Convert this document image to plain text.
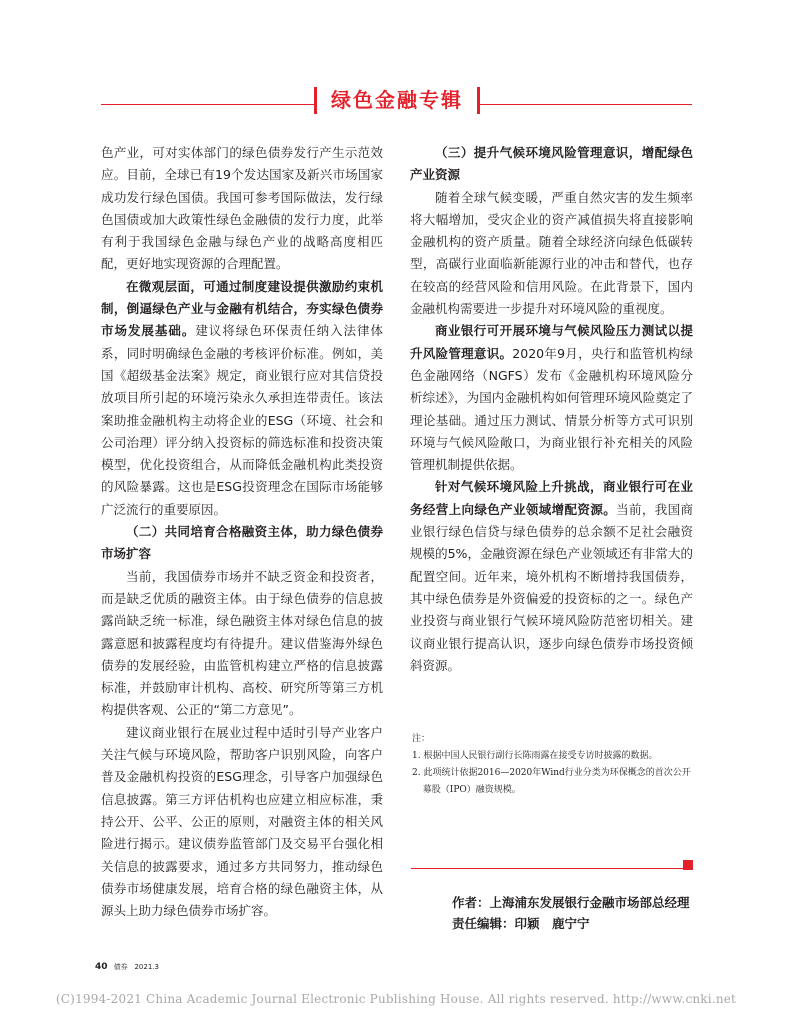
绿色金融专辑

色产业，可对实体部门的绿色债券发行产生示范效应。目前，全球已有19个发达国家及新兴市场国家成功发行绿色国债。我国可参考国际做法，发行绿色国债或加大政策性绿色金融债的发行力度，此举有利于我国绿色金融与绿色产业的战略高度相匹配，更好地实现资源的合理配置。

在微观层面，可通过制度建设提供激励约束机制，倒逼绿色产业与金融有机结合，夯实绿色债券市场发展基础。建议将绿色环保责任纳入法律体系，同时明确绿色金融的考核评价标准。例如，美国《超级基金法案》规定，商业银行应对其信贷投放项目所引起的环境污染永久承担连带责任。该法案助推金融机构主动将企业的ESG（环境、社会和公司治理）评分纳入投资标的筛选标准和投资决策模型，优化投资组合，从而降低金融机构此类投资的风险暴露。这也是ESG投资理念在国际市场能够广泛流行的重要原因。

（二）共同培育合格融资主体，助力绿色债券市场扩容

当前，我国债券市场并不缺乏资金和投资者，而是缺乏优质的融资主体。由于绿色债券的信息披露尚缺乏统一标准，绿色融资主体对绿色信息的披露意愿和披露程度均有待提升。建议借鉴海外绿色债券的发展经验，由监管机构建立严格的信息披露标准，并鼓励审计机构、高校、研究所等第三方机构提供客观、公正的“第二方意见”。

建议商业银行在展业过程中适时引导产业客户关注气候与环境风险，帮助客户识别风险，向客户普及金融机构投资的ESG理念，引导客户加强绿色信息披露。第三方评估机构也应建立相应标准，秉持公开、公平、公正的原则，对融资主体的相关风险进行揭示。建议债券监管部门及交易平台强化相关信息的披露要求，通过多方共同努力，推动绿色债券市场健康发展，培育合格的绿色融资主体，从源头上助力绿色债券市场扩容。

（三）提升气候环境风险管理意识，增配绿色产业资源

随着全球气候变暖，严重自然灾害的发生频率将大幅增加，受灾企业的资产减值损失将直接影响金融机构的资产质量。随着全球经济向绿色低碳转型，高碳行业面临新能源行业的冲击和替代，也存在较高的经营风险和信用风险。在此背景下，国内金融机构需要进一步提升对环境风险的重视度。

商业银行可开展环境与气候风险压力测试以提升风险管理意识。2020年9月，央行和监管机构绿色金融网络（NGFS）发布《金融机构环境风险分析综述》，为国内金融机构如何管理环境风险奠定了理论基础。通过压力测试、情景分析等方式可识别环境与气候风险敞口，为商业银行补充相关的风险管理机制提供依据。

针对气候环境风险上升挑战，商业银行可在业务经营上向绿色产业领域增配资源。当前，我国商业银行绿色信贷与绿色债券的总余额不足社会融资规模的5%，金融资源在绿色产业领域还有非常大的配置空间。近年来，境外机构不断增持我国债券，其中绿色债券是外资偏爱的投资标的之一。绿色产业投资与商业银行气候环境风险防范密切相关。建议商业银行提高认识，逐步向绿色债券市场投资倾斜资源。

注：
1. 根据中国人民银行副行长陈雨露在接受专访时披露的数据。
2. 此项统计依据2016—2020年Wind行业分类为环保概念的首次公开募股（IPO）融资规模。
作者：上海浦东发展银行金融市场部总经理
责任编辑：印颖　鹿宁宁
40 债券 2021.3
(C)1994-2021 China Academic Journal Electronic Publishing House. All rights reserved. http://www.cnki.net
